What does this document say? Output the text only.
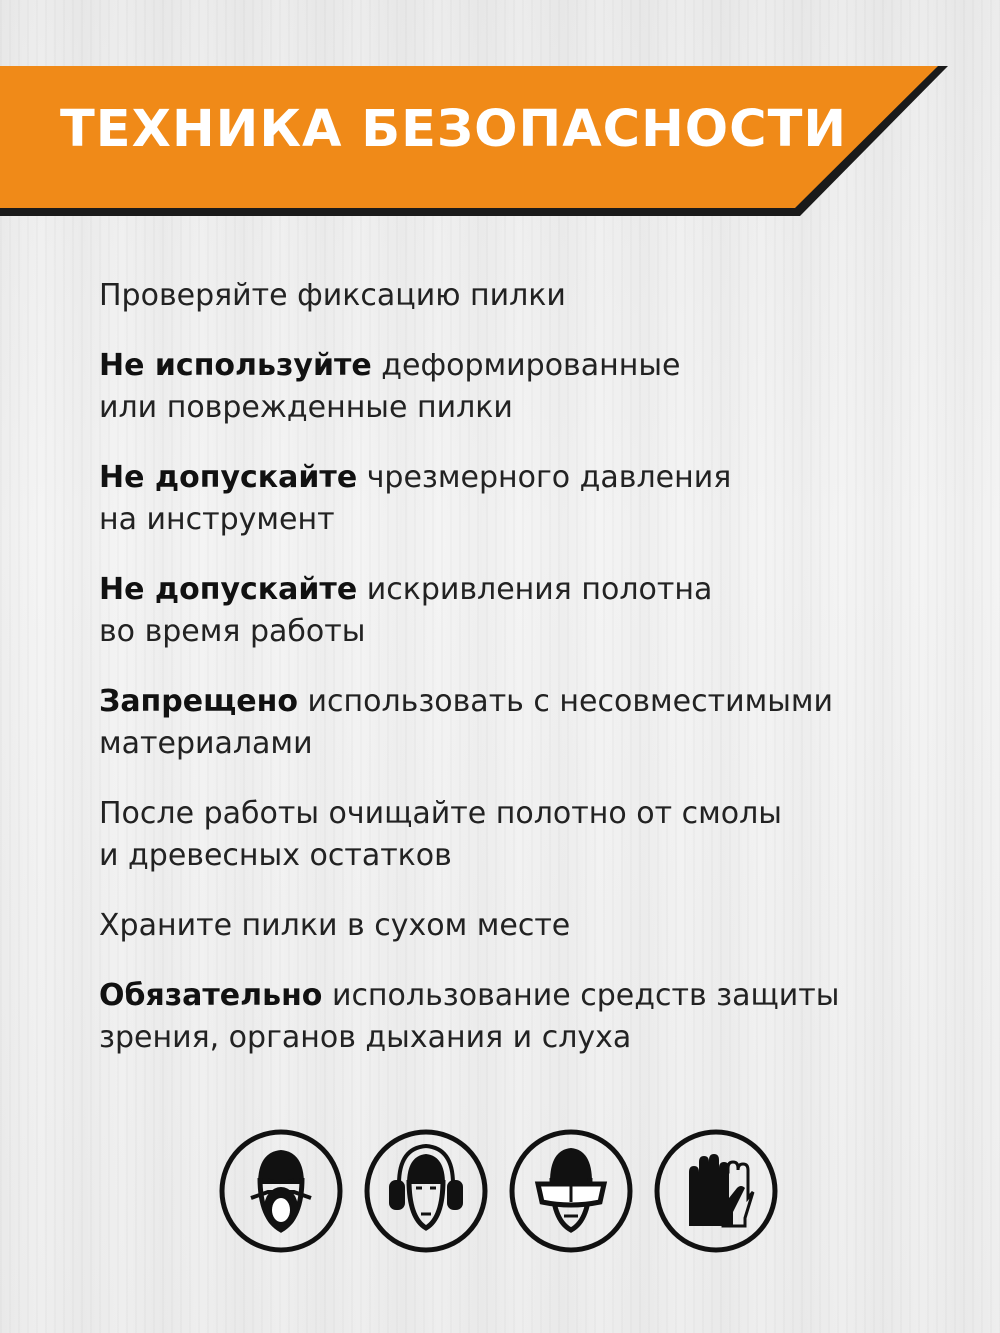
ТЕХНИКА БЕЗОПАСНОСТИ
Проверяйте фиксацию пилки
Не используйте деформированные
или поврежденные пилки
Не допускайте чрезмерного давления
на инструмент
Не допускайте искривления полотна
во время работы
Запрещено использовать с несовместимыми
материалами
После работы очищайте полотно от смолы
и древесных остатков
Храните пилки в сухом месте
Обязательно использование средств защиты
зрения, органов дыхания и слуха
